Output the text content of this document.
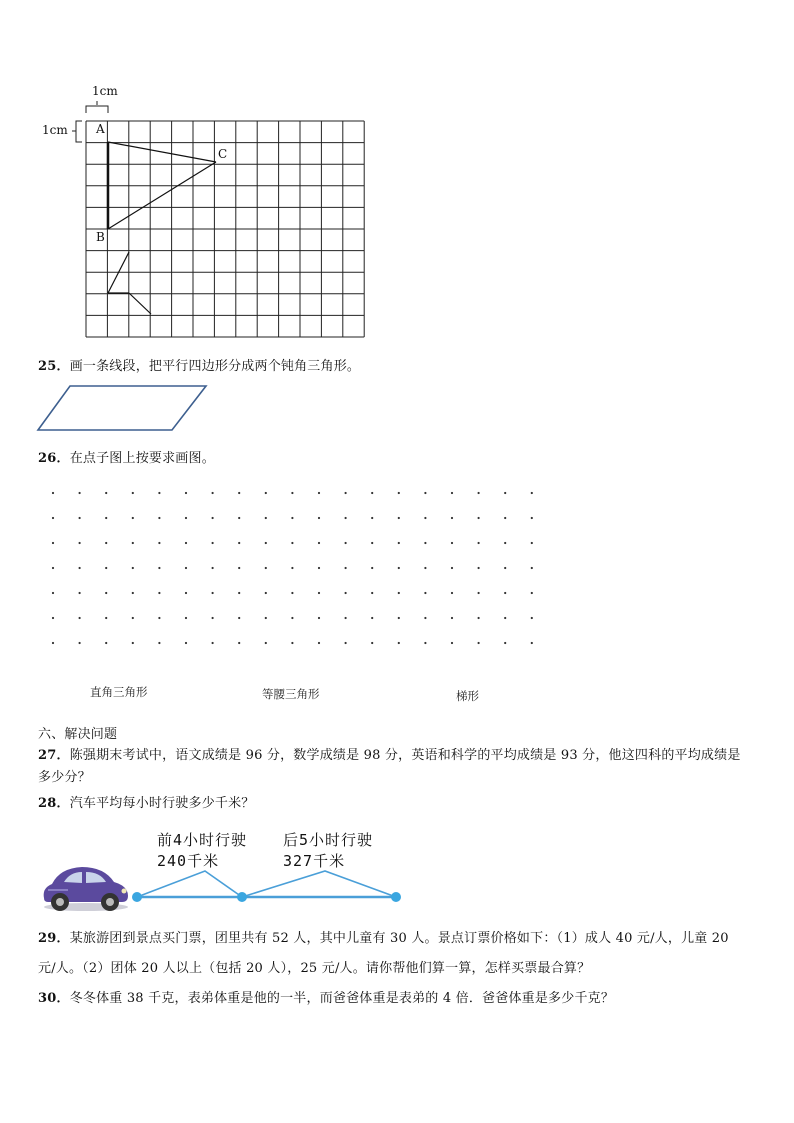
1cm
1cm A
B
C
25．画一条线段，把平行四边形分成两个钝角三角形。
26．在点子图上按要求画图。
直角三角形	等腰三角形	梯形
六、解决问题
27．陈强期末考试中，语文成绩是 96 分，数学成绩是 98 分，英语和科学的平均成绩是 93 分，他这四科的平均成绩是
多少分？
28．汽车平均每小时行驶多少千米？
前4小时行驶
240千米
后5小时行驶
327千米
29．某旅游团到景点买门票，团里共有 52 人，其中儿童有 30 人。景点订票价格如下：（1）成人 40 元/人，儿童 20
元/人。（2）团体 20 人以上（包括 20 人），25 元/人。请你帮他们算一算，怎样买票最合算？
30．冬冬体重 38 千克，表弟体重是他的一半，而爸爸体重是表弟的 4 倍．爸爸体重是多少千克？
